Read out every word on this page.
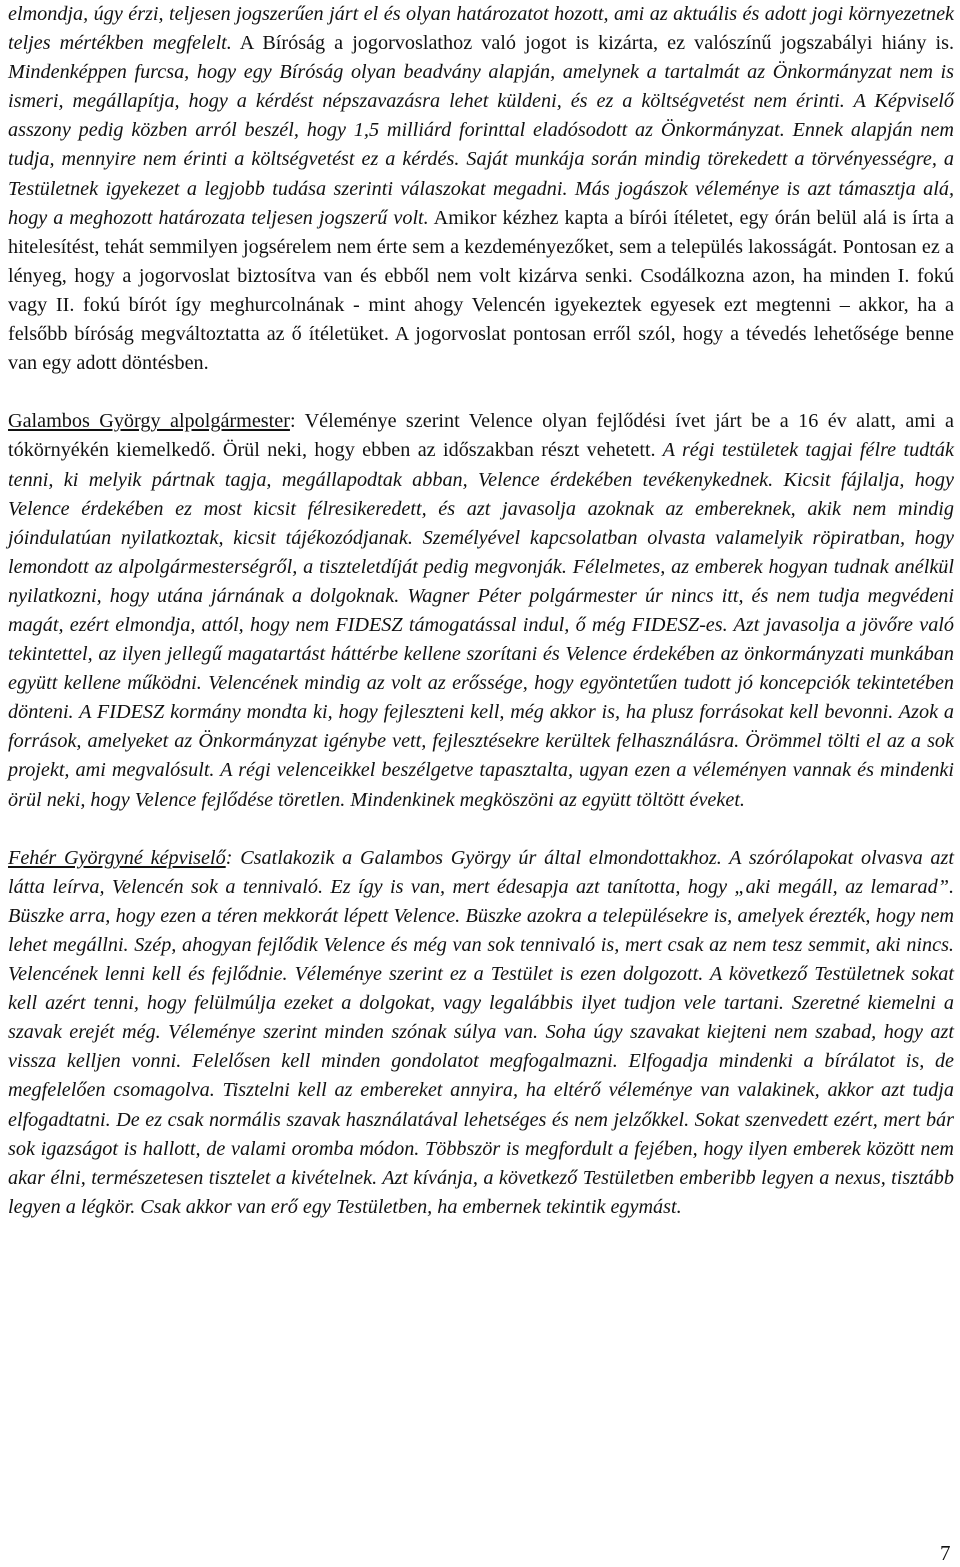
elmondja, úgy érzi, teljesen jogszerűen járt el és olyan határozatot hozott, ami az aktuális és adott jogi környezetnek teljes mértékben megfelelt. A Bíróság a jogorvoslathoz való jogot is kizárta, ez valószínű jogszabályi hiány is. Mindenképpen furcsa, hogy egy Bíróság olyan beadvány alapján, amelynek a tartalmát az Önkormányzat nem is ismeri, megállapítja, hogy a kérdést népszavazásra lehet küldeni, és ez a költségvetést nem érinti. A Képviselő asszony pedig közben arról beszél, hogy 1,5 milliárd forinttal eladósodott az Önkormányzat. Ennek alapján nem tudja, mennyire nem érinti a költségvetést ez a kérdés. Saját munkája során mindig törekedett a törvényességre, a Testületnek igyekezet a legjobb tudása szerinti válaszokat megadni. Más jogászok véleménye is azt támasztja alá, hogy a meghozott határozata teljesen jogszerű volt. Amikor kézhez kapta a bírói ítéletet, egy órán belül alá is írta a hitelesítést, tehát semmilyen jogsérelem nem érte sem a kezdeményezőket, sem a település lakosságát. Pontosan ez a lényeg, hogy a jogorvoslat biztosítva van és ebből nem volt kizárva senki. Csodálkozna azon, ha minden I. fokú vagy II. fokú bírót így meghurcolnának - mint ahogy Velencén igyekeztek egyesek ezt megtenni – akkor, ha a felsőbb bíróság megváltoztatta az ő ítéletüket. A jogorvoslat pontosan erről szól, hogy a tévedés lehetősége benne van egy adott döntésben.

Galambos György alpolgármester: Véleménye szerint Velence olyan fejlődési ívet járt be a 16 év alatt, ami a tókörnyékén kiemelkedő. Örül neki, hogy ebben az időszakban részt vehetett. A régi testületek tagjai félre tudták tenni, ki melyik pártnak tagja, megállapodtak abban, Velence érdekében tevékenykednek. Kicsit fájlalja, hogy Velence érdekében ez most kicsit félresikeredett, és azt javasolja azoknak az embereknek, akik nem mindig jóindulatúan nyilatkoztak, kicsit tájékozódjanak. Személyével kapcsolatban olvasta valamelyik röpiratban, hogy lemondott az alpolgármesterségről, a tiszteletdíját pedig megvonják. Félelmetes, az emberek hogyan tudnak anélkül nyilatkozni, hogy utána járnának a dolgoknak. Wagner Péter polgármester úr nincs itt, és nem tudja megvédeni magát, ezért elmondja, attól, hogy nem FIDESZ támogatással indul, ő még FIDESZ-es. Azt javasolja a jövőre való tekintettel, az ilyen jellegű magatartást háttérbe kellene szorítani és Velence érdekében az önkormányzati munkában együtt kellene működni. Velencének mindig az volt az erőssége, hogy egyöntetűen tudott jó koncepciók tekintetében dönteni. A FIDESZ kormány mondta ki, hogy fejleszteni kell, még akkor is, ha plusz forrásokat kell bevonni. Azok a források, amelyeket az Önkormányzat igénybe vett, fejlesztésekre kerültek felhasználásra. Örömmel tölti el az a sok projekt, ami megvalósult. A régi velenceikkel beszélgetve tapasztalta, ugyan ezen a véleményen vannak és mindenki örül neki, hogy Velence fejlődése töretlen. Mindenkinek megköszöni az együtt töltött éveket.

Fehér Györgyné képviselő: Csatlakozik a Galambos György úr által elmondottakhoz. A szórólapokat olvasva azt látta leírva, Velencén sok a tennivaló. Ez így is van, mert édesapja azt tanította, hogy „aki megáll, az lemarad”. Büszke arra, hogy ezen a téren mekkorát lépett Velence. Büszke azokra a településekre is, amelyek érezték, hogy nem lehet megállni. Szép, ahogyan fejlődik Velence és még van sok tennivaló is, mert csak az nem tesz semmit, aki nincs. Velencének lenni kell és fejlődnie. Véleménye szerint ez a Testület is ezen dolgozott. A következő Testületnek sokat kell azért tenni, hogy felülmúlja ezeket a dolgokat, vagy legalábbis ilyet tudjon vele tartani. Szeretné kiemelni a szavak erejét még. Véleménye szerint minden szónak súlya van. Soha úgy szavakat kiejteni nem szabad, hogy azt vissza kelljen vonni. Felelősen kell minden gondolatot megfogalmazni. Elfogadja mindenki a bírálatot is, de megfelelően csomagolva. Tisztelni kell az embereket annyira, ha eltérő véleménye van valakinek, akkor azt tudja elfogadtatni. De ez csak normális szavak használatával lehetséges és nem jelzőkkel. Sokat szenvedett ezért, mert bár sok igazságot is hallott, de valami oromba módon. Többször is megfordult a fejében, hogy ilyen emberek között nem akar élni, természetesen tisztelet a kivételnek. Azt kívánja, a következő Testületben emberibb legyen a nexus, tisztább legyen a légkör. Csak akkor van erő egy Testületben, ha embernek tekintik egymást.

7
